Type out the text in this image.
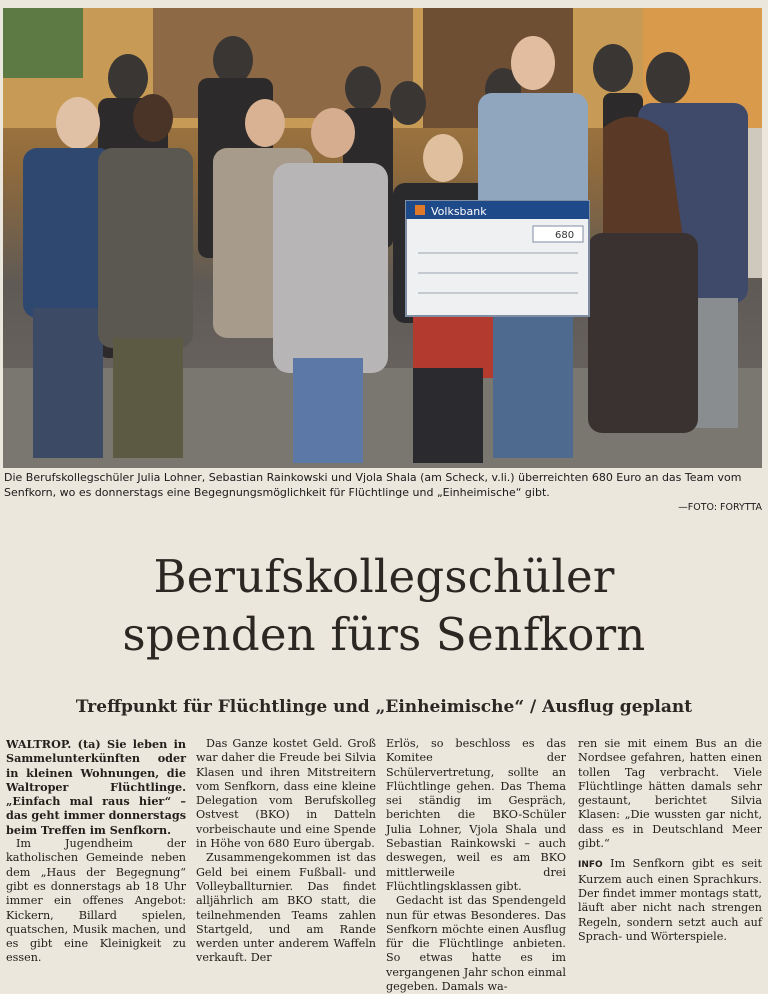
Volksbank
680
Die Berufskollegschüler Julia Lohner, Sebastian Rainkowski und Vjola Shala (am Scheck, v.li.) überreichten 680 Euro an das Team vom Senfkorn, wo es donnerstags eine Begegnungsmöglichkeit für Flüchtlinge und „Einheimische“ gibt.
—FOTO: FORYTTA
Berufskollegschüler
spenden fürs Senfkorn
Treffpunkt für Flüchtlinge und „Einheimische“ / Ausflug geplant

WALTROP. (ta) Sie leben in Sammelunterkünften oder in kleinen Wohnungen, die Waltroper Flüchtlinge. „Einfach mal raus hier“ – das geht immer donnerstags beim Treffen im Senfkorn.

Im Jugendheim der katholischen Gemeinde neben dem „Haus der Begegnung“ gibt es donnerstags ab 18 Uhr immer ein offenes Angebot: Kickern, Billard spielen, quatschen, Musik machen, und es gibt eine Kleinigkeit zu essen.

Das Ganze kostet Geld. Groß war daher die Freude bei Silvia Klasen und ihren Mitstreitern vom Senfkorn, dass eine kleine Delegation vom Berufskolleg Ostvest (BKO) in Datteln vorbeischaute und eine Spende in Höhe von 680 Euro übergab.

Zusammengekommen ist das Geld bei einem Fußball- und Volleyballturnier. Das findet alljährlich am BKO statt, die teilnehmenden Teams zahlen Startgeld, und am Rande werden unter anderem Waffeln verkauft. Der

Erlös, so beschloss es das Komitee der Schülervertretung, sollte an Flüchtlinge gehen. Das Thema sei ständig im Gespräch, berichten die BKO-Schüler Julia Lohner, Vjola Shala und Sebastian Rainkowski – auch deswegen, weil es am BKO mittlerweile drei Flüchtlingsklassen gibt.

Gedacht ist das Spendengeld nun für etwas Besonderes. Das Senfkorn möchte einen Ausflug für die Flüchtlinge anbieten. So etwas hatte es im vergangenen Jahr schon einmal gegeben. Damals wa-

ren sie mit einem Bus an die Nordsee gefahren, hatten einen tollen Tag verbracht. Viele Flüchtlinge hätten damals sehr gestaunt, berichtet Silvia Klasen: „Die wussten gar nicht, dass es in Deutschland Meer gibt.“

INFO Im Senfkorn gibt es seit Kurzem auch einen Sprachkurs. Der findet immer montags statt, läuft aber nicht nach strengen Regeln, sondern setzt auch auf Sprach- und Wörterspiele.
